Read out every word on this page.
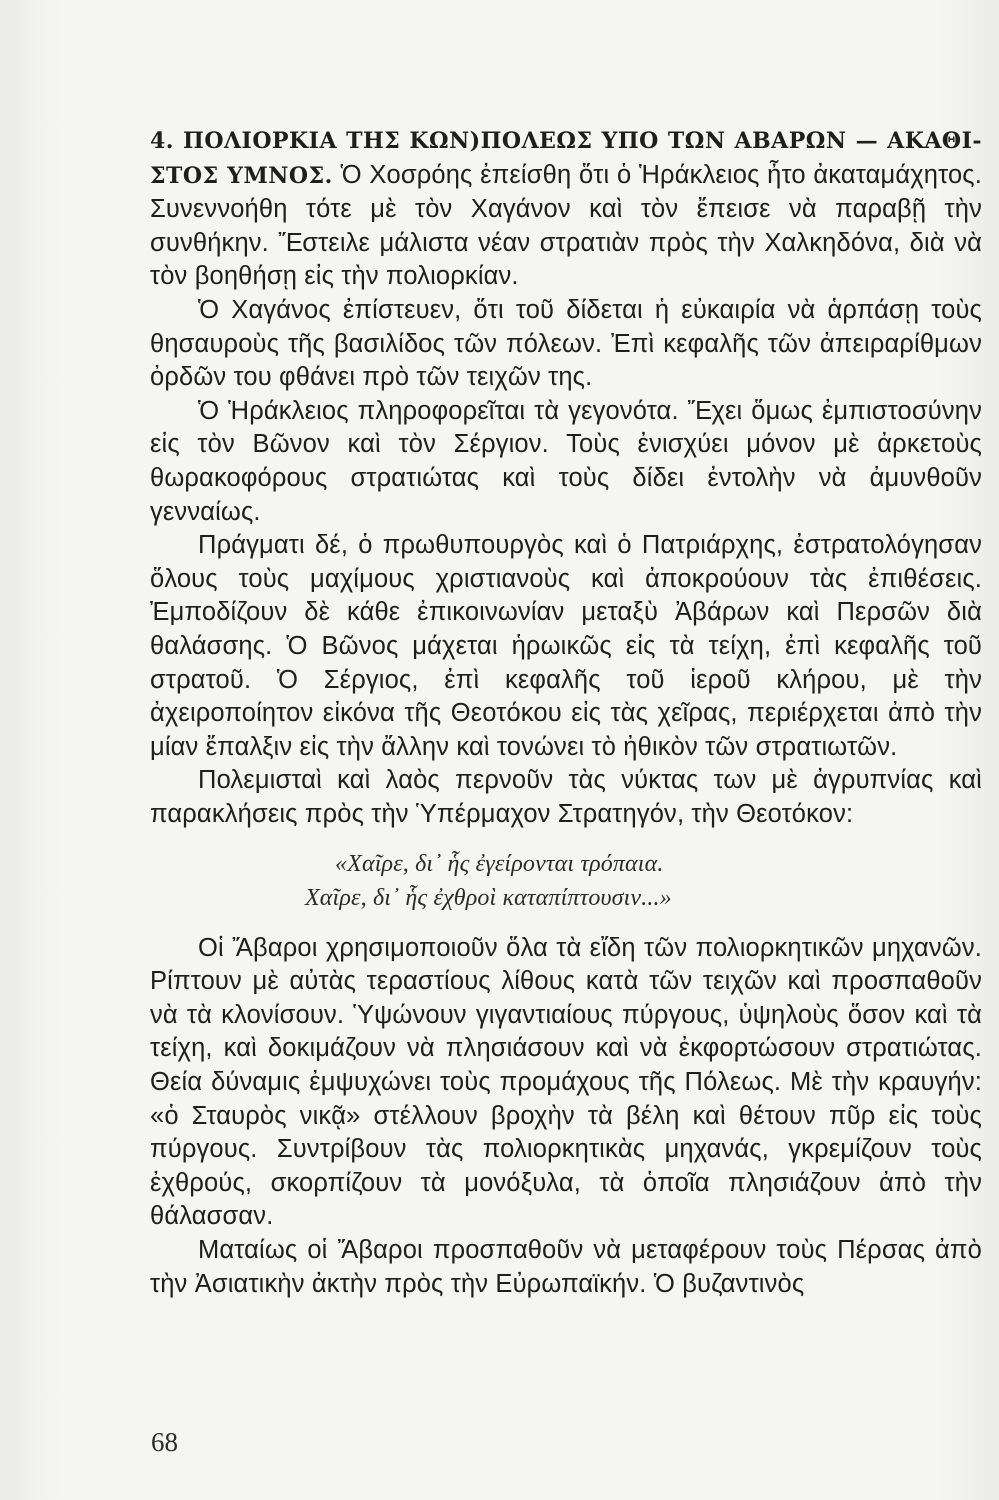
4. ΠΟΛΙΟΡΚΙΑ ΤΗΣ ΚΩΝ)ΠΟΛΕΩΣ ΥΠΟ ΤΩΝ ΑΒΑΡΩΝ — ΑΚΑΘΙ-ΣΤΟΣ ΥΜΝΟΣ. Ὁ Χοσρόης ἐπείσθη ὅτι ὁ Ἡράκλειος ἦτο ἀκαταμάχητος. Συνεννοήθη τότε μὲ τὸν Χαγάνον καὶ τὸν ἔπεισε νὰ παραβῇ τὴν συνθήκην. Ἔστειλε μάλιστα νέαν στρατιὰν πρὸς τὴν Χαλκηδόνα, διὰ νὰ τὸν βοηθήσῃ εἰς τὴν πολιορκίαν.

Ὁ Χαγάνος ἐπίστευεν, ὅτι τοῦ δίδεται ἡ εὐκαιρία νὰ ἁρπάσῃ τοὺς θησαυροὺς τῆς βασιλίδος τῶν πόλεων. Ἐπὶ κεφαλῆς τῶν ἀπειραρίθμων ὀρδῶν του φθάνει πρὸ τῶν τειχῶν της.

Ὁ Ἡράκλειος πληροφορεῖται τὰ γεγονότα. Ἔχει ὅμως ἐμπιστοσύνην εἰς τὸν Βῶνον καὶ τὸν Σέργιον. Τοὺς ἐνισχύει μόνον μὲ ἀρκετοὺς θωρακοφόρους στρατιώτας καὶ τοὺς δίδει ἐντολὴν νὰ ἀμυνθοῦν γενναίως.

Πράγματι δέ, ὁ πρωθυπουργὸς καὶ ὁ Πατριάρχης, ἐστρατολόγησαν ὅλους τοὺς μαχίμους χριστιανοὺς καὶ ἀποκρούουν τὰς ἐπιθέσεις. Ἐμποδίζουν δὲ κάθε ἐπικοινωνίαν μεταξὺ Ἀβάρων καὶ Περσῶν διὰ θαλάσσης. Ὁ Βῶνος μάχεται ἡρωικῶς εἰς τὰ τείχη, ἐπὶ κεφαλῆς τοῦ στρατοῦ. Ὁ Σέργιος, ἐπὶ κεφαλῆς τοῦ ἱεροῦ κλήρου, μὲ τὴν ἀχειροποίητον εἰκόνα τῆς Θεοτόκου εἰς τὰς χεῖρας, περιέρχεται ἀπὸ τὴν μίαν ἔπαλξιν εἰς τὴν ἄλλην καὶ τονώνει τὸ ἠθικὸν τῶν στρατιωτῶν.

Πολεμισταὶ καὶ λαὸς περνοῦν τὰς νύκτας των μὲ ἀγρυπνίας καὶ παρακλήσεις πρὸς τὴν Ὑπέρμαχον Στρατηγόν, τὴν Θεοτόκον:

«Χαῖρε, δι᾽ ἧς ἐγείρονται τρόπαια.
Χαῖρε, δι᾽ ἧς ἐχθροὶ καταπίπτουσιν...»

Οἱ Ἄβαροι χρησιμοποιοῦν ὅλα τὰ εἴδη τῶν πολιορκητικῶν μηχανῶν. Ρίπτουν μὲ αὐτὰς τεραστίους λίθους κατὰ τῶν τειχῶν καὶ προσπαθοῦν νὰ τὰ κλονίσουν. Ὑψώνουν γιγαντιαίους πύργους, ὑψηλοὺς ὅσον καὶ τὰ τείχη, καὶ δοκιμάζουν νὰ πλησιάσουν καὶ νὰ ἐκφορτώσουν στρατιώτας. Θεία δύναμις ἐμψυχώνει τοὺς προμάχους τῆς Πόλεως. Μὲ τὴν κραυγήν: «ὁ Σταυρὸς νικᾷ» στέλλουν βροχὴν τὰ βέλη καὶ θέτουν πῦρ εἰς τοὺς πύργους. Συντρίβουν τὰς πολιορκητικὰς μηχανάς, γκρεμίζουν τοὺς ἐχθρούς, σκορπίζουν τὰ μονόξυλα, τὰ ὁποῖα πλησιάζουν ἀπὸ τὴν θάλασσαν.

Ματαίως οἱ Ἄβαροι προσπαθοῦν νὰ μεταφέρουν τοὺς Πέρσας ἀπὸ τὴν Ἀσιατικὴν ἀκτὴν πρὸς τὴν Εὐρωπαϊκήν. Ὁ βυζαντινὸς

68
